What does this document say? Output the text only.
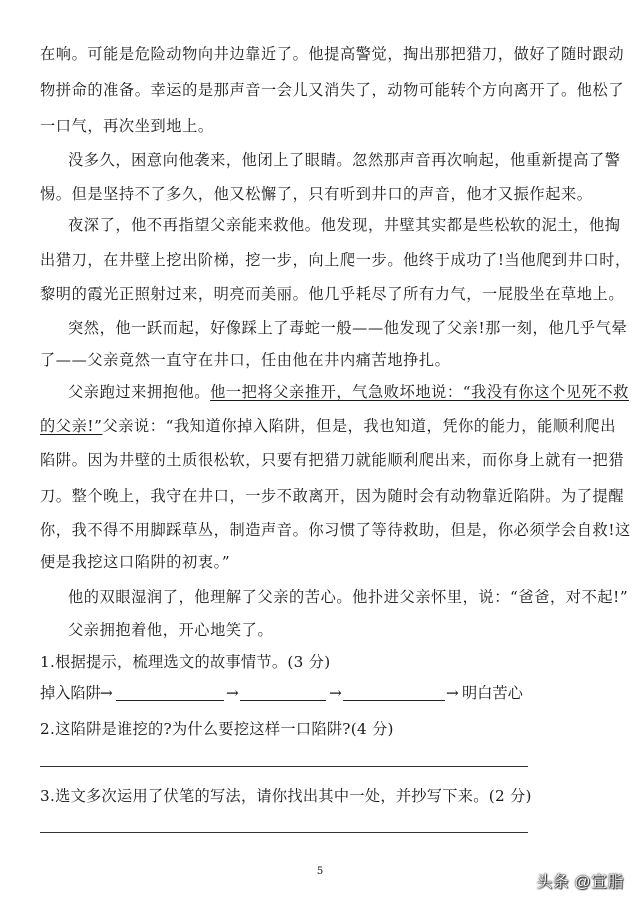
在响。可能是危险动物向井边靠近了。他提高警觉，掏出那把猎刀，做好了随时跟动
物拼命的准备。幸运的是那声音一会儿又消失了，动物可能转个方向离开了。他松了
一口气，再次坐到地上。
没多久，困意向他袭来，他闭上了眼睛。忽然那声音再次响起，他重新提高了警
惕。但是坚持不了多久，他又松懈了，只有听到井口的声音，他才又振作起来。
夜深了，他不再指望父亲能来救他。他发现，井壁其实都是些松软的泥土，他掏
出猎刀，在井壁上挖出阶梯，挖一步，向上爬一步。他终于成功了!当他爬到井口时，
黎明的霞光正照射过来，明亮而美丽。他几乎耗尽了所有力气，一屁股坐在草地上。
突然，他一跃而起，好像踩上了毒蛇一般——他发现了父亲!那一刻，他几乎气晕
了——父亲竟然一直守在井口，任由他在井内痛苦地挣扎。
父亲跑过来拥抱他。他一把将父亲推开，气急败坏地说：“我没有你这个见死不救
的父亲!”父亲说：“我知道你掉入陷阱，但是，我也知道，凭你的能力，能顺利爬出
陷阱。因为井壁的土质很松软，只要有把猎刀就能顺利爬出来，而你身上就有一把猎
刀。整个晚上，我守在井口，一步不敢离开，因为随时会有动物靠近陷阱。为了提醒
你，我不得不用脚踩草丛，制造声音。你习惯了等待救助，但是，你必须学会自救!这
便是我挖这口陷阱的初衷。”
他的双眼湿润了，他理解了父亲的苦心。他扑进父亲怀里，说：“爸爸，对不起!”
父亲拥抱着他，开心地笑了。
1.根据提示，梳理选文的故事情节。(3 分)
掉入陷阱 →	→	→	→ 明白苦心
2.这陷阱是谁挖的?为什么要挖这样一口陷阱?(4 分)
3.选文多次运用了伏笔的写法，请你找出其中一处，并抄写下来。(2 分)
5
头条 @宣脂
